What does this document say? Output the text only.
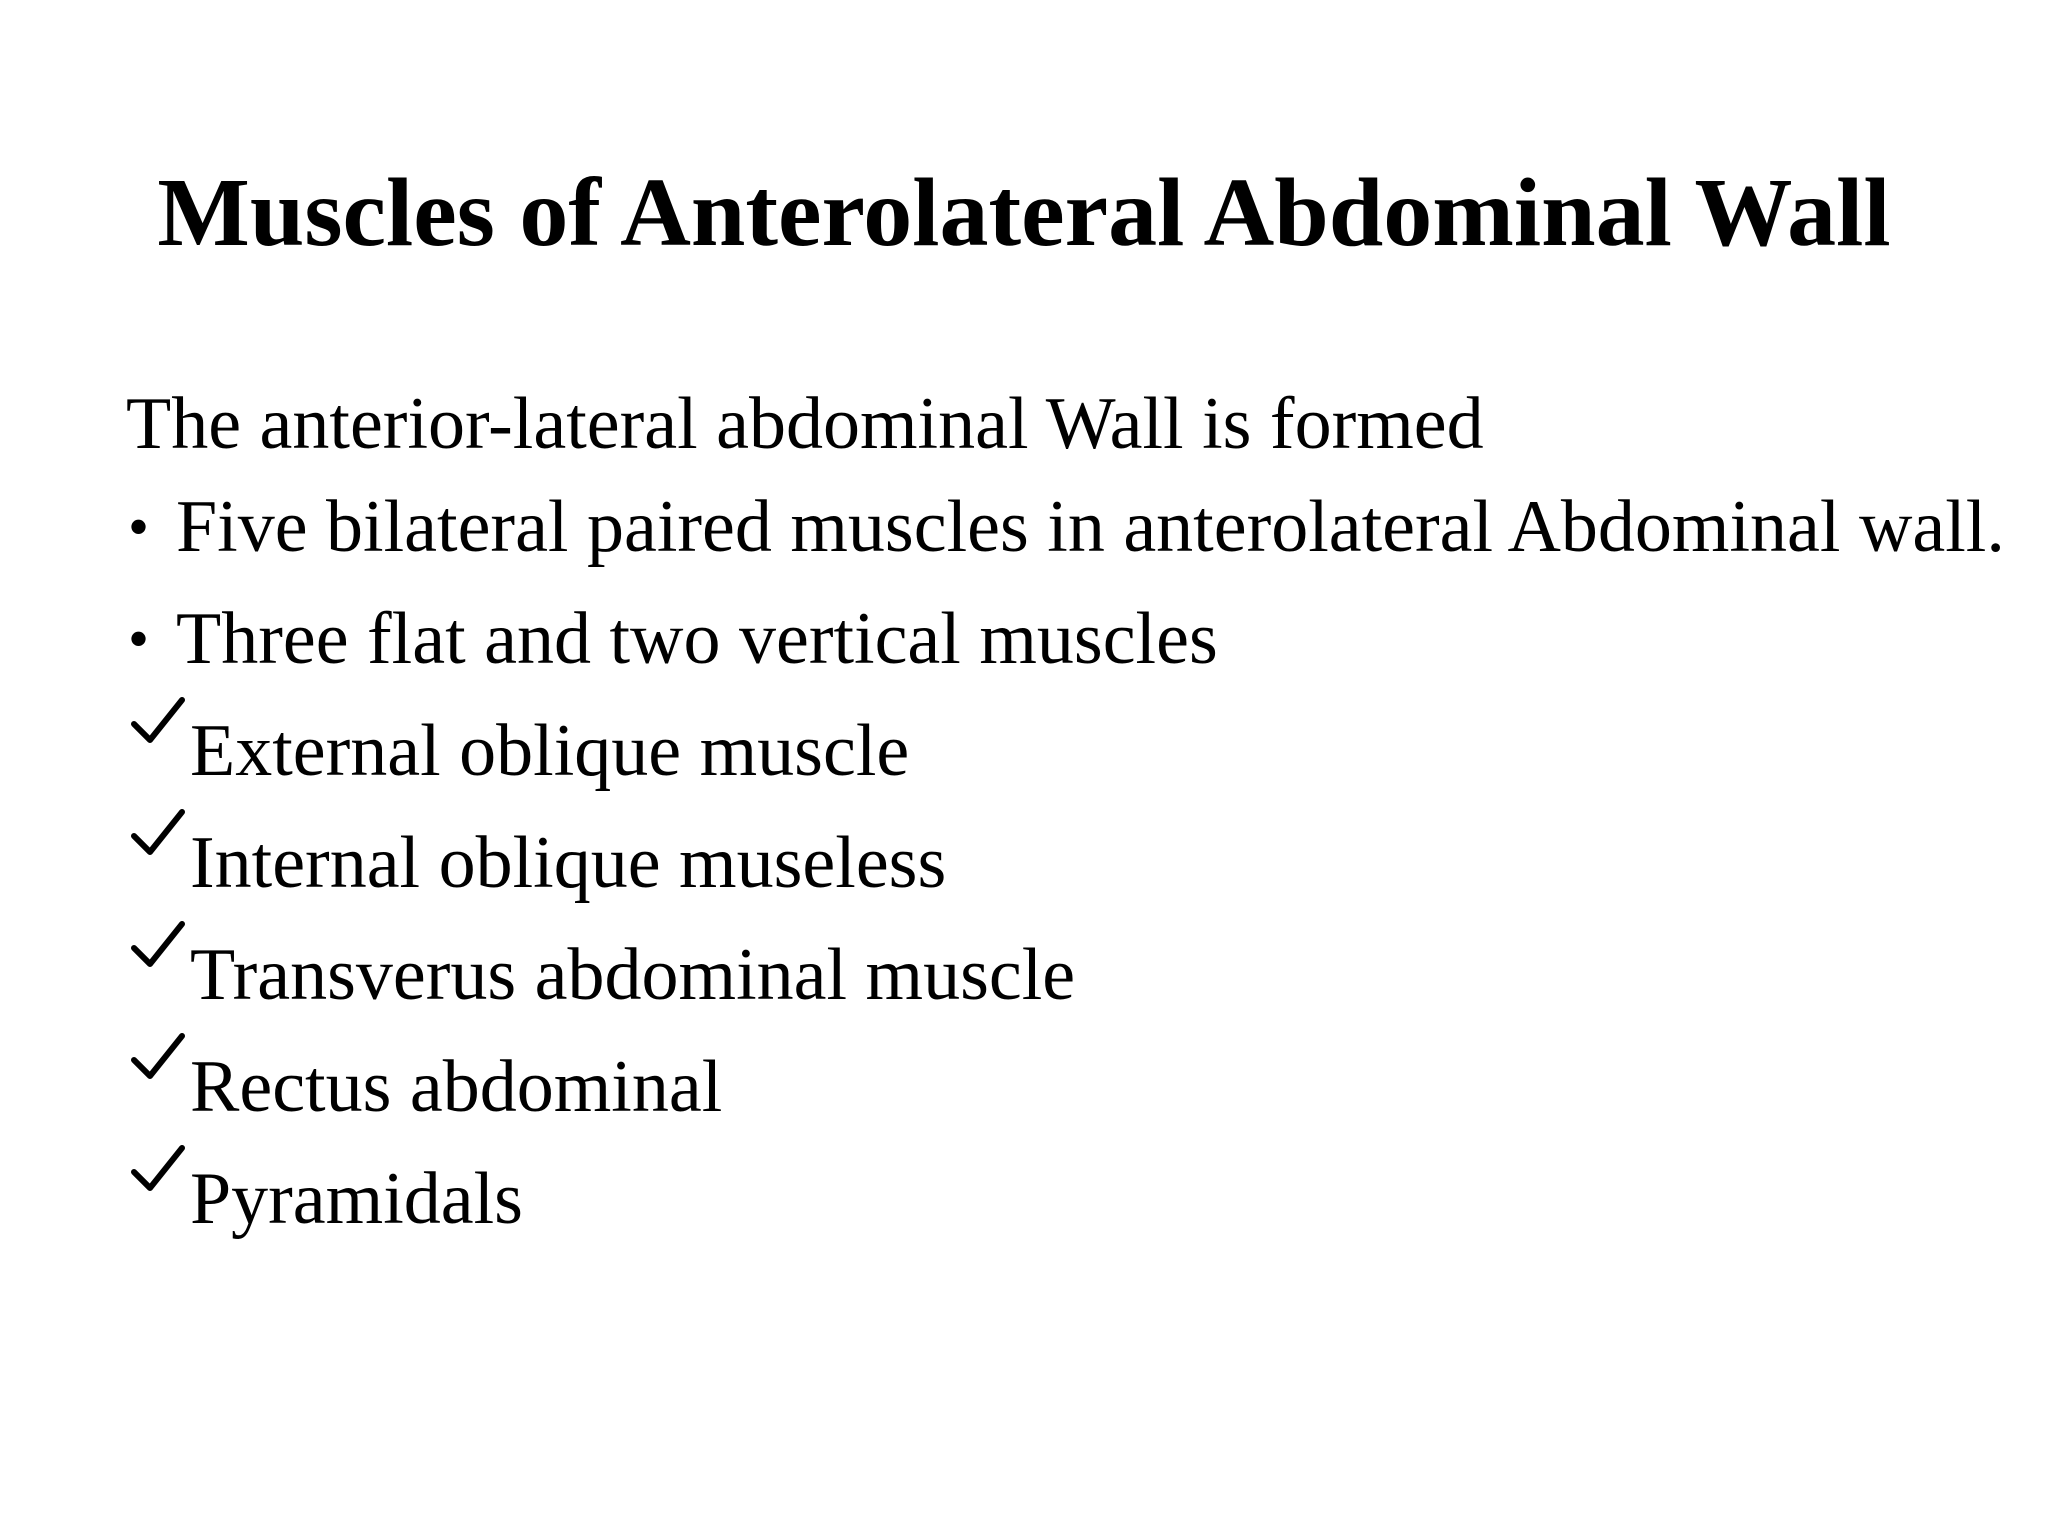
Muscles of Anterolateral Abdominal Wall

The anterior-lateral abdominal Wall is formed

• Five bilateral paired muscles in anterolateral Abdominal wall.
• Three flat and two vertical muscles
External oblique muscle
Internal oblique museless
Transverus abdominal muscle
Rectus abdominal
Pyramidals
